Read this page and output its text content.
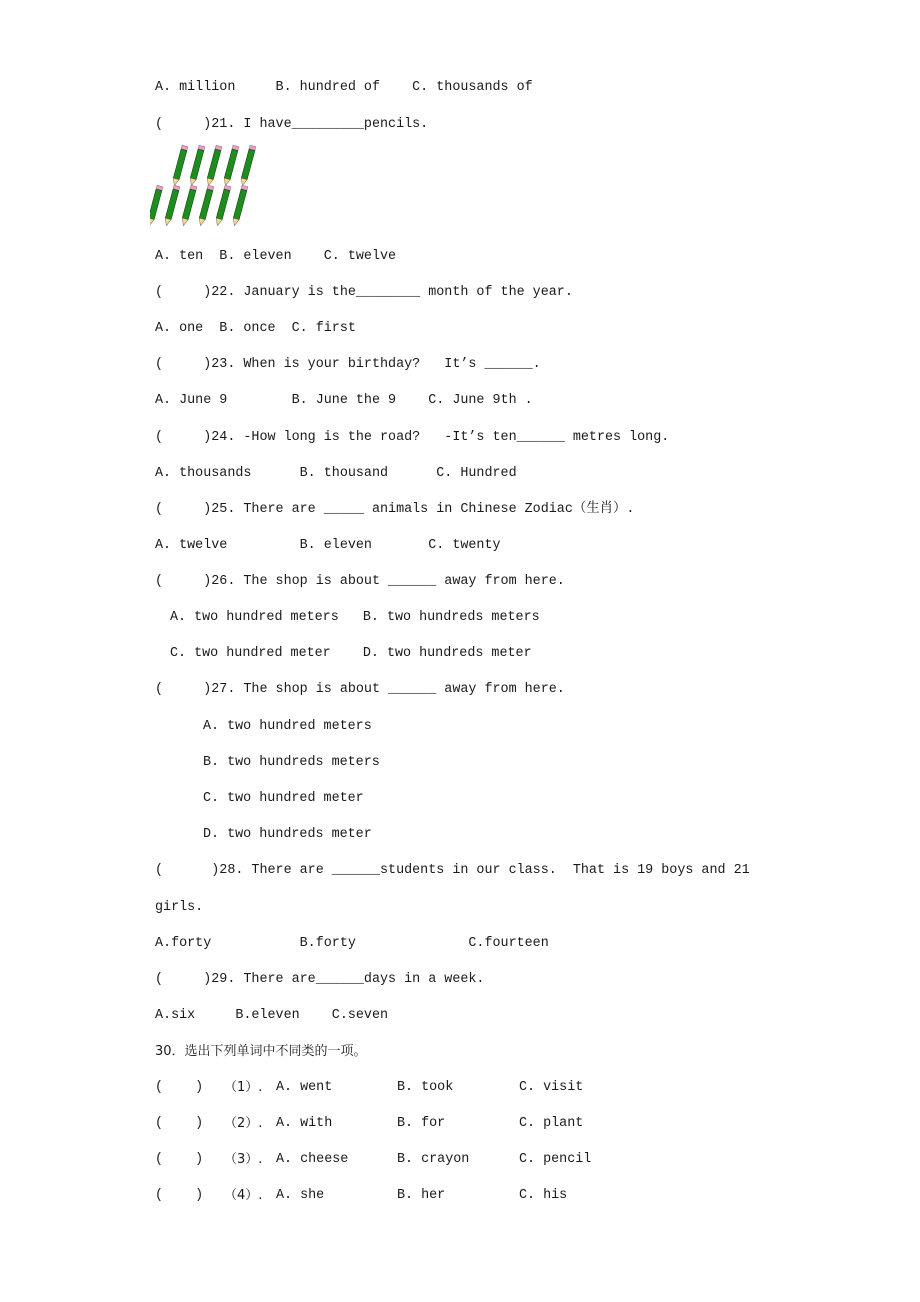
A. million     B. hundred of    C. thousands of
(     )21. I have_________pencils.
A. ten  B. eleven    C. twelve
(     )22. January is the________ month of the year.
A. one  B. once  C. first
(     )23. When is your birthday?   It’s ______.
A. June 9        B. June the 9    C. June 9th .
(     )24. -How long is the road?   -It’s ten______ metres long.
A. thousands      B. thousand      C. Hundred
(     )25. There are _____ animals in Chinese Zodiac（生肖）.
A. twelve         B. eleven       C. twenty
(     )26. The shop is about ______ away from here.
A. two hundred meters   B. two hundreds meters
C. two hundred meter    D. two hundreds meter
(     )27. The shop is about ______ away from here.
A. two hundred meters
B. two hundreds meters
C. two hundred meter
D. two hundreds meter
(      )28. There are ______students in our class.  That is 19 boys and 21
girls.
A.forty           B.forty              C.fourteen
(     )29. There are______days in a week.
A.six     B.eleven    C.seven
30．选出下列单词中不同类的一项。
(    ) （1）. A. went	B. took	C. visit
(    ) （2）. A. with	B. for	C. plant
(    ) （3）. A. cheese	B. crayon	C. pencil
(    ) （4）. A. she	B. her	C. his
